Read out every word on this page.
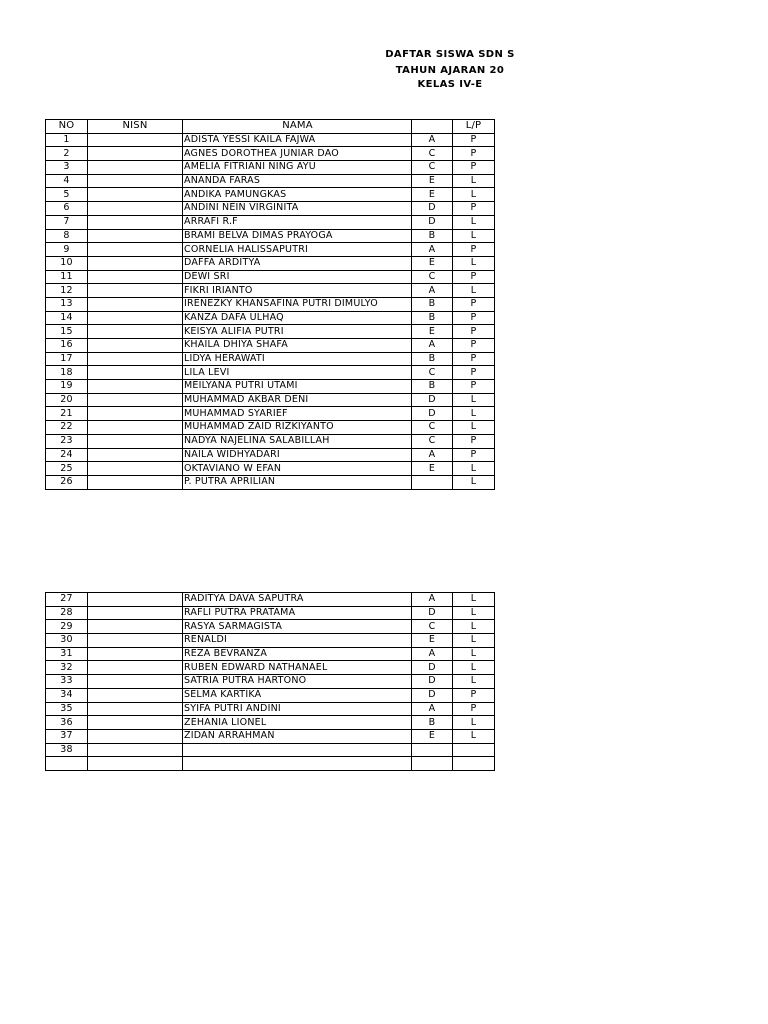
DAFTAR SISWA SDN S
TAHUN AJARAN 20
KELAS IV-E
NO	NISN	NAMA		L/P
1		ADISTA YESSI KAILA FAJWA	A	P
2		AGNES DOROTHEA JUNIAR DAO	C	P
3		AMELIA FITRIANI NING AYU	C	P
4		ANANDA FARAS	E	L
5		ANDIKA PAMUNGKAS	E	L
6		ANDINI NEIN VIRGINITA	D	P
7		ARRAFI R.F	D	L
8		BRAMI BELVA DIMAS PRAYOGA	B	L
9		CORNELIA HALISSAPUTRI	A	P
10		DAFFA ARDITYA	E	L
11		DEWI SRI	C	P
12		FIKRI IRIANTO	A	L
13		IRENEZKY KHANSAFINA PUTRI DIMULYO	B	P
14		KANZA DAFA ULHAQ	B	P
15		KEISYA ALIFIA PUTRI	E	P
16		KHAILA DHIYA SHAFA	A	P
17		LIDYA HERAWATI	B	P
18		LILA LEVI	C	P
19		MEILYANA PUTRI UTAMI	B	P
20		MUHAMMAD AKBAR DENI	D	L
21		MUHAMMAD SYARIEF	D	L
22		MUHAMMAD ZAID RIZKIYANTO	C	L
23		NADYA NAJELINA SALABILLAH	C	P
24		NAILA WIDHYADARI	A	P
25		OKTAVIANO W EFAN	E	L
26		P. PUTRA APRILIAN		L
27		RADITYA DAVA SAPUTRA	A	L
28		RAFLI PUTRA PRATAMA	D	L
29		RASYA SARMAGISTA	C	L
30		RENALDI	E	L
31		REZA BEVRANZA	A	L
32		RUBEN EDWARD NATHANAEL	D	L
33		SATRIA PUTRA HARTONO	D	L
34		SELMA KARTIKA	D	P
35		SYIFA PUTRI ANDINI	A	P
36		ZEHANIA LIONEL	B	L
37		ZIDAN ARRAHMAN	E	L
38				
